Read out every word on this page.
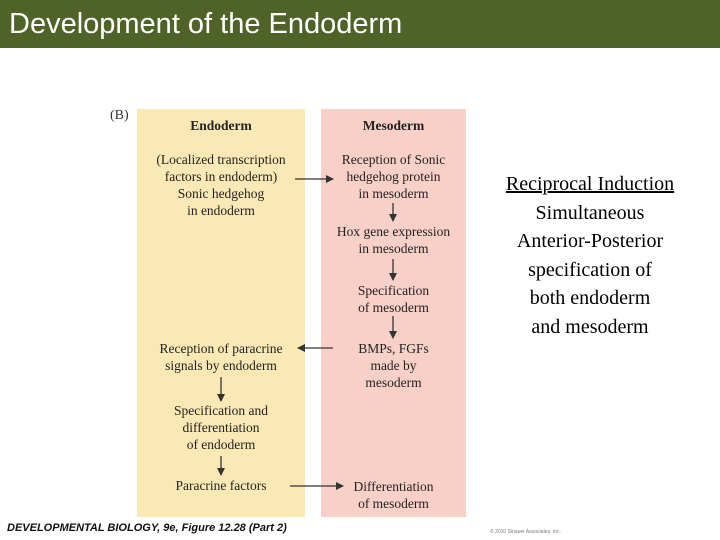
Development of the Endoderm
(B)
Endoderm	Mesoderm
(Localized transcription
factors in endoderm)
Sonic hedgehog
in endoderm
Reception of paracrine
signals by endoderm
Specification and
differentiation
of endoderm
Paracrine factors
Reception of Sonic
hedgehog protein
in mesoderm
Hox gene expression
in mesoderm
Specification
of mesoderm
BMPs, FGFs
made by
mesoderm
Differentiation
of mesoderm
Reciprocal Induction
Simultaneous
Anterior-Posterior
specification of
both endoderm
and mesoderm
DEVELOPMENTAL BIOLOGY, 9e, Figure 12.28 (Part 2)	© 2010 Sinauer Associates, Inc.
